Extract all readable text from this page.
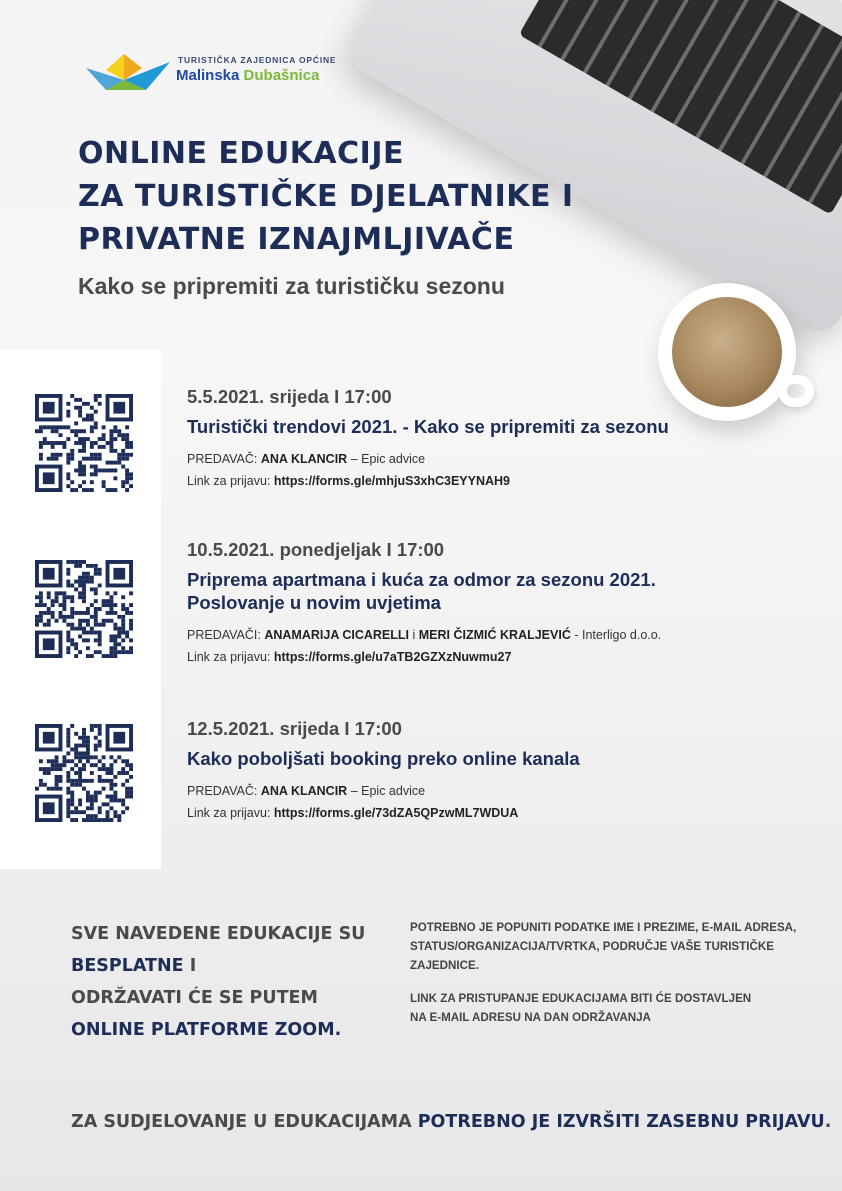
TURISTIČKA ZAJEDNICA OPĆINE
Malinska Dubašnica
ONLINE EDUKACIJE
ZA TURISTIČKE DJELATNIKE I
PRIVATNE IZNAJMLJIVAČE
Kako se pripremiti za turističku sezonu
5.5.2021. srijeda I 17:00
Turistički trendovi 2021. - Kako se pripremiti za sezonu
PREDAVAČ: ANA KLANCIR – Epic advice
Link za prijavu: https://forms.gle/mhjuS3xhC3EYYNAH9
10.5.2021. ponedjeljak I 17:00
Priprema apartmana i kuća za odmor za sezonu 2021.
Poslovanje u novim uvjetima
PREDAVAČI: ANAMARIJA CICARELLI i MERI ČIZMIĆ KRALJEVIĆ - Interligo d.o.o.
Link za prijavu: https://forms.gle/u7aTB2GZXzNuwmu27
12.5.2021. srijeda I 17:00
Kako poboljšati booking preko online kanala
PREDAVAČ: ANA KLANCIR – Epic advice
Link za prijavu: https://forms.gle/73dZA5QPzwML7WDUA
SVE NAVEDENE EDUKACIJE SU
BESPLATNE I
ODRŽAVATI ĆE SE PUTEM
ONLINE PLATFORME ZOOM.

POTREBNO JE POPUNITI PODATKE IME I PREZIME, E-MAIL ADRESA,
STATUS/ORGANIZACIJA/TVRTKA, PODRUČJE VAŠE TURISTIČKE
ZAJEDNICE.

LINK ZA PRISTUPANJE EDUKACIJAMA BITI ĆE DOSTAVLJEN
NA E-MAIL ADRESU NA DAN ODRŽAVANJA

ZA SUDJELOVANJE U EDUKACIJAMA POTREBNO JE IZVRŠITI ZASEBNU PRIJAVU.
